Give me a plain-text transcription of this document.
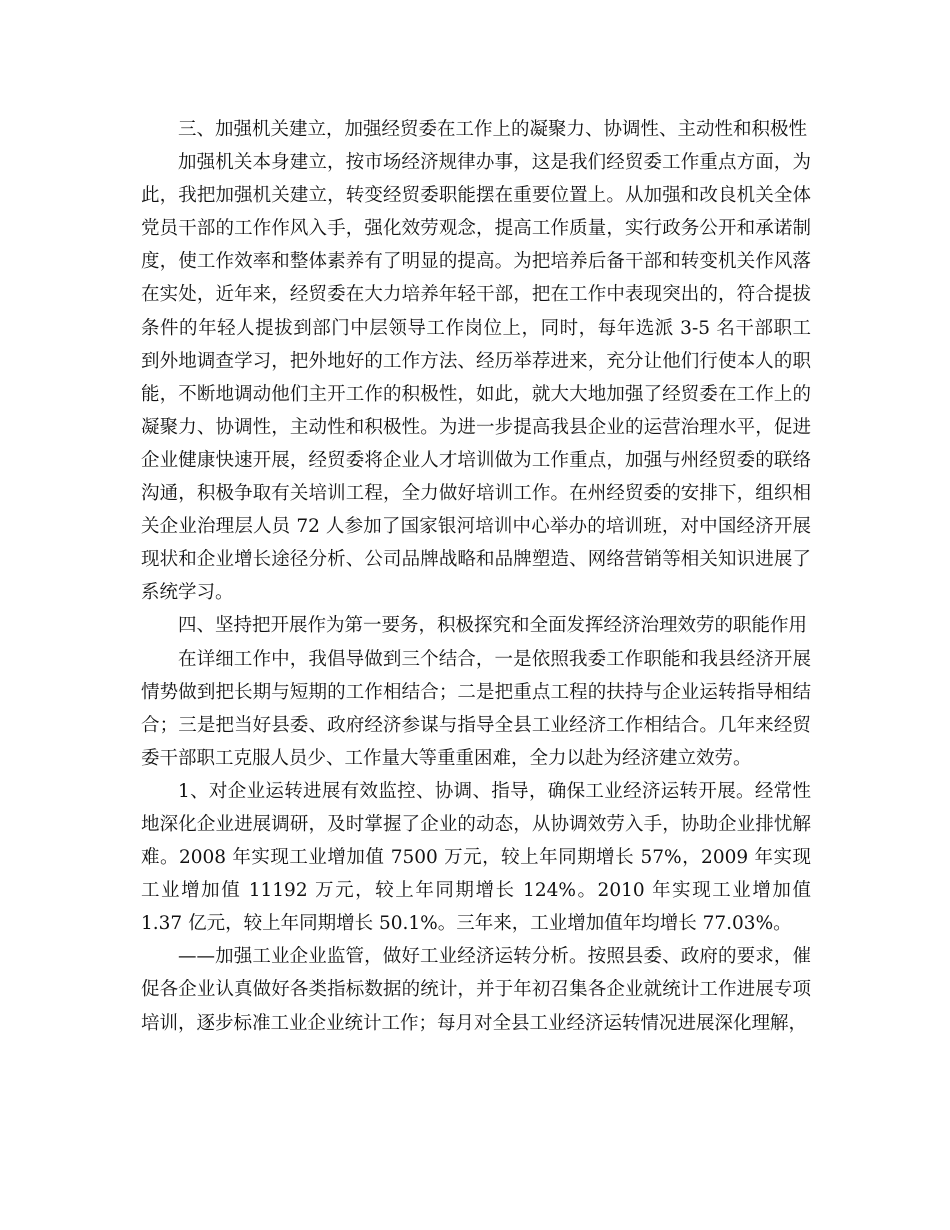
三、加强机关建立，加强经贸委在工作上的凝聚力、协调性、主动性和积极性

加强机关本身建立，按市场经济规律办事，这是我们经贸委工作重点方面，为此，我把加强机关建立，转变经贸委职能摆在重要位置上。从加强和改良机关全体党员干部的工作作风入手，强化效劳观念，提高工作质量，实行政务公开和承诺制度，使工作效率和整体素养有了明显的提高。为把培养后备干部和转变机关作风落在实处，近年来，经贸委在大力培养年轻干部，把在工作中表现突出的，符合提拔条件的年轻人提拔到部门中层领导工作岗位上，同时，每年选派 3-5 名干部职工到外地调查学习，把外地好的工作方法、经历举荐进来，充分让他们行使本人的职能，不断地调动他们主开工作的积极性，如此，就大大地加强了经贸委在工作上的凝聚力、协调性，主动性和积极性。为进一步提高我县企业的运营治理水平，促进企业健康快速开展，经贸委将企业人才培训做为工作重点，加强与州经贸委的联络沟通，积极争取有关培训工程，全力做好培训工作。在州经贸委的安排下，组织相关企业治理层人员 72 人参加了国家银河培训中心举办的培训班，对中国经济开展现状和企业增长途径分析、公司品牌战略和品牌塑造、网络营销等相关知识进展了系统学习。

四、坚持把开展作为第一要务，积极探究和全面发挥经济治理效劳的职能作用

在详细工作中，我倡导做到三个结合，一是依照我委工作职能和我县经济开展情势做到把长期与短期的工作相结合；二是把重点工程的扶持与企业运转指导相结合；三是把当好县委、政府经济参谋与指导全县工业经济工作相结合。几年来经贸委干部职工克服人员少、工作量大等重重困难，全力以赴为经济建立效劳。

1、对企业运转进展有效监控、协调、指导，确保工业经济运转开展。经常性地深化企业进展调研，及时掌握了企业的动态，从协调效劳入手，协助企业排忧解难。2008 年实现工业增加值 7500 万元，较上年同期增长 57%，2009 年实现工业增加值 11192 万元，较上年同期增长 124%。2010 年实现工业增加值 1.37 亿元，较上年同期增长 50.1%。三年来，工业增加值年均增长 77.03%。

——加强工业企业监管，做好工业经济运转分析。按照县委、政府的要求，催促各企业认真做好各类指标数据的统计，并于年初召集各企业就统计工作进展专项培训，逐步标准工业企业统计工作；每月对全县工业经济运转情况进展深化理解，
